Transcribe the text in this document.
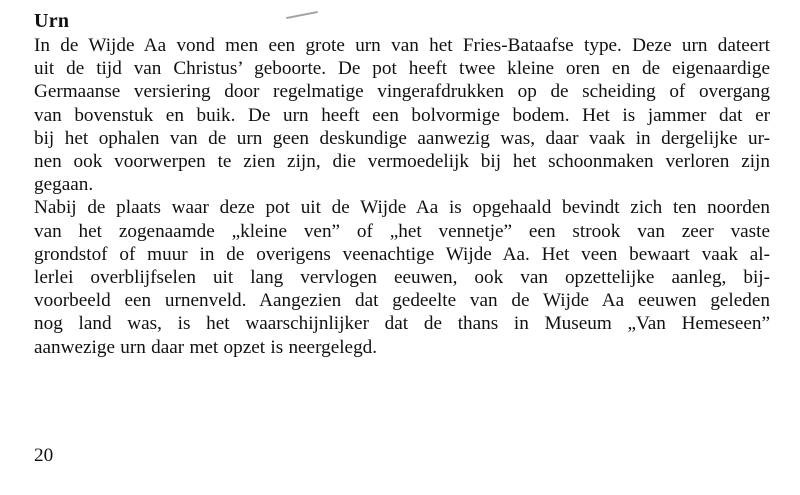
Urn
In de Wijde Aa vond men een grote urn van het Fries-Bataafse type. Deze urn dateert
uit de tijd van Christus’ geboorte. De pot heeft twee kleine oren en de eigenaardige
Germaanse versiering door regelmatige vingerafdrukken op de scheiding of overgang
van bovenstuk en buik. De urn heeft een bolvormige bodem. Het is jammer dat er
bij het ophalen van de urn geen deskundige aanwezig was, daar vaak in dergelijke ur-
nen ook voorwerpen te zien zijn, die vermoedelijk bij het schoonmaken verloren zijn
gegaan.
Nabij de plaats waar deze pot uit de Wijde Aa is opgehaald bevindt zich ten noorden
van het zogenaamde „kleine ven” of „het vennetje” een strook van zeer vaste
grondstof of muur in de overigens veenachtige Wijde Aa. Het veen bewaart vaak al-
lerlei overblijfselen uit lang vervlogen eeuwen, ook van opzettelijke aanleg, bij-
voorbeeld een urnenveld. Aangezien dat gedeelte van de Wijde Aa eeuwen geleden
nog land was, is het waarschijnlijker dat de thans in Museum „Van Hemeseen”
aanwezige urn daar met opzet is neergelegd.
20
